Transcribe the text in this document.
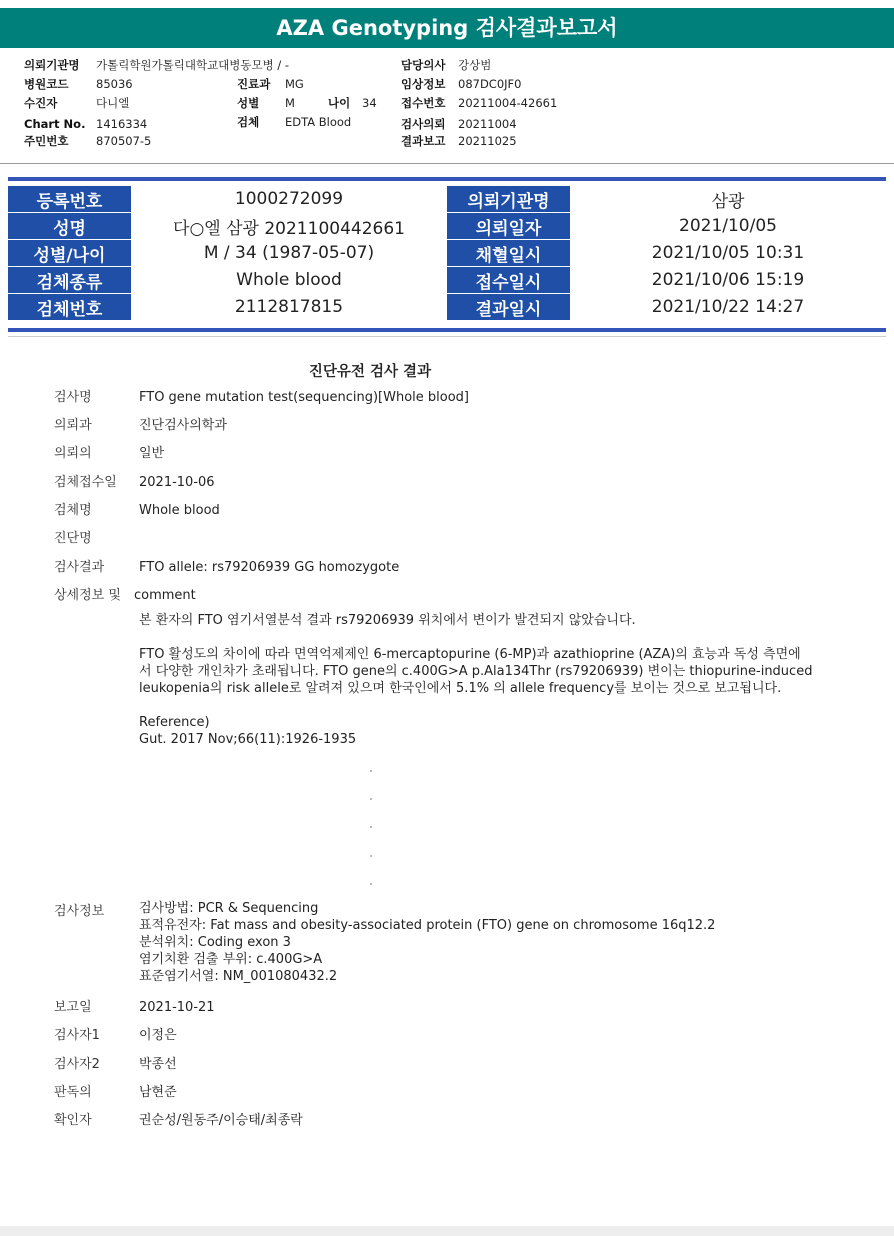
AZA Genotyping 검사결과보고서
의뢰기관명 가톨릭학원가톨릭대학교대병동모병 / -
병원코드 85036
수진자	다니엘
Chart No. 1416334
주민번호 870507-5
진료과 MG
성별 M	나이 34
검체 EDTA Blood
담당의사 강상범
임상정보 087DC0JF0
접수번호 20211004-42661
검사의뢰 20211004
결과보고 20211025
등록번호	1000272099	의뢰기관명	삼광
성명	다○엘 삼광 2021100442661	의뢰일자	2021/10/05
성별/나이	M / 34 (1987-05-07)	채혈일시	2021/10/05 10:31
검체종류	Whole blood	접수일시	2021/10/06 15:19
검체번호	2112817815	결과일시	2021/10/22 14:27
진단유전 검사 결과
검사명	FTO gene mutation test(sequencing)[Whole blood]
의뢰과	진단검사의학과
의뢰의	일반
검체접수일 2021-10-06
검체명	Whole blood
진단명
검사결과	FTO allele: rs79206939 GG homozygote
상세정보 및 comment
본 환자의 FTO 염기서열분석 결과 rs79206939 위치에서 변이가 발견되지 않았습니다.
FTO 활성도의 차이에 따라 면역억제제인 6-mercaptopurine (6-MP)과 azathioprine (AZA)의 효능과 독성 측면에
서 다양한 개인차가 초래됩니다. FTO gene의 c.400G>A p.Ala134Thr (rs79206939) 변이는 thiopurine-induced
leukopenia의 risk allele로 알려져 있으며 한국인에서 5.1% 의 allele frequency를 보이는 것으로 보고됩니다.
Reference)
Gut. 2017 Nov;66(11):1926-1935
검사정보	검사방법: PCR & Sequencing
표적유전자: Fat mass and obesity-associated protein (FTO) gene on chromosome 16q12.2
분석위치: Coding exon 3
염기치환 검출 부위: c.400G>A
표준염기서열: NM_001080432.2
보고일	2021-10-21
검사자1	이정은
검사자2	박종선
판독의	남현준
확인자	권순성/원동주/이승태/최종락
